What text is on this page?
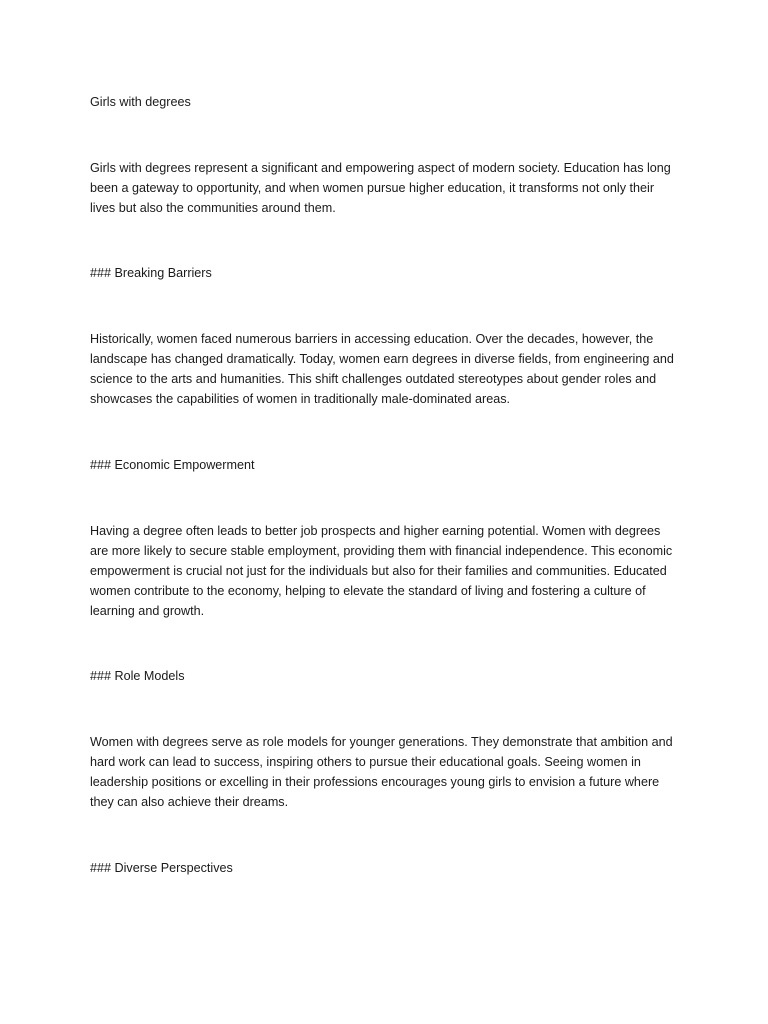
Girls with degrees

Girls with degrees represent a significant and empowering aspect of modern society. Education has long been a gateway to opportunity, and when women pursue higher education, it transforms not only their lives but also the communities around them.

### Breaking Barriers

Historically, women faced numerous barriers in accessing education. Over the decades, however, the landscape has changed dramatically. Today, women earn degrees in diverse fields, from engineering and science to the arts and humanities. This shift challenges outdated stereotypes about gender roles and showcases the capabilities of women in traditionally male-dominated areas.

### Economic Empowerment

Having a degree often leads to better job prospects and higher earning potential. Women with degrees are more likely to secure stable employment, providing them with financial independence. This economic empowerment is crucial not just for the individuals but also for their families and communities. Educated women contribute to the economy, helping to elevate the standard of living and fostering a culture of learning and growth.

### Role Models

Women with degrees serve as role models for younger generations. They demonstrate that ambition and hard work can lead to success, inspiring others to pursue their educational goals. Seeing women in leadership positions or excelling in their professions encourages young girls to envision a future where they can also achieve their dreams.

### Diverse Perspectives
